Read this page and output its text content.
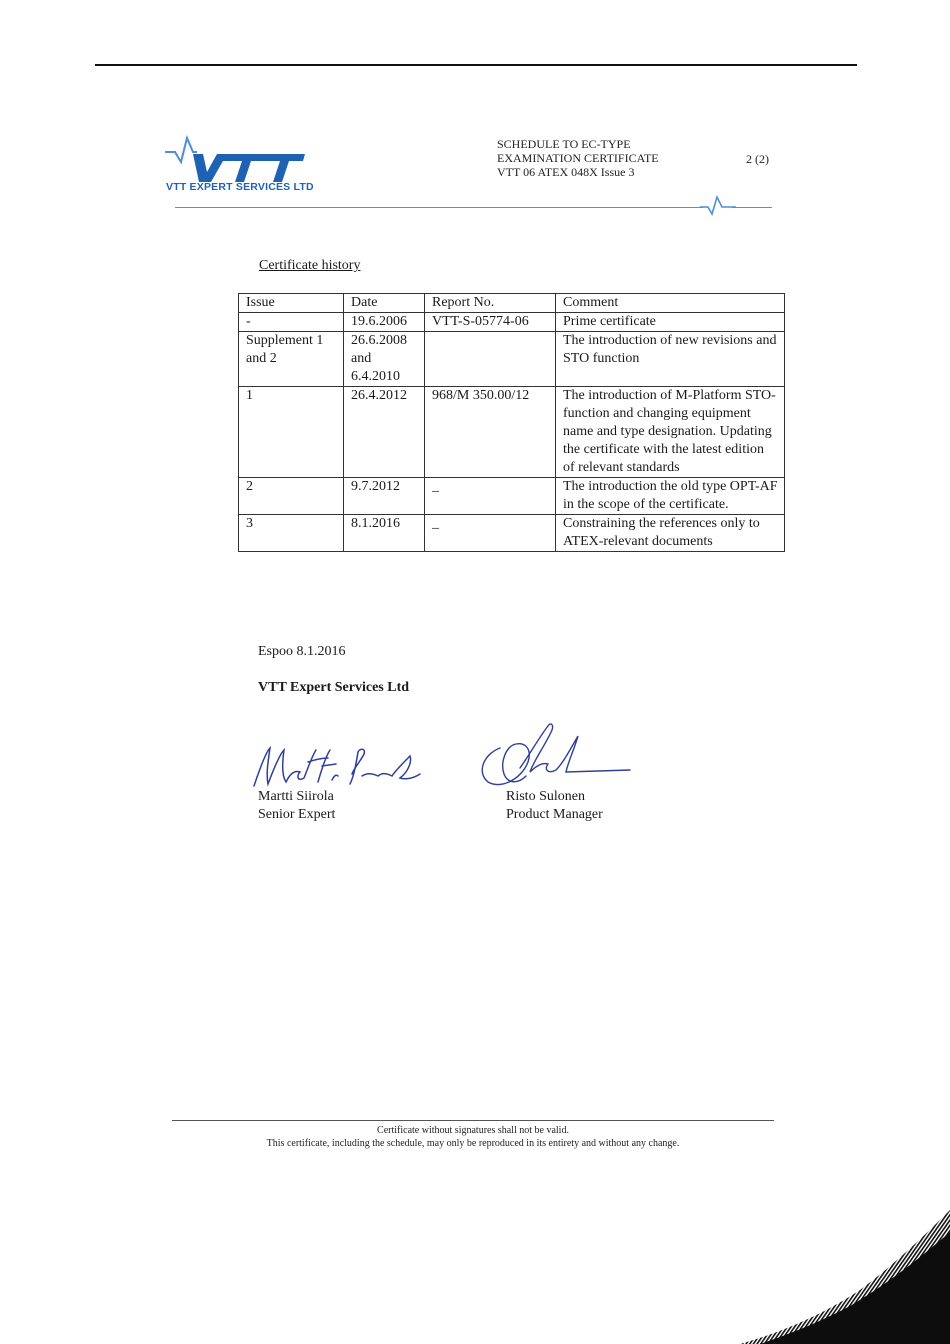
VTT EXPERT SERVICES LTD
SCHEDULE TO EC-TYPE
EXAMINATION CERTIFICATE
VTT 06 ATEX 048X Issue 3
2 (2)
Certificate history
Issue	Date	Report No.	Comment
-	19.6.2006	VTT-S-05774-06	Prime certificate
Supplement 1 and 2	26.6.2008 and 6.4.2010		The introduction of new revisions and STO function
1	26.4.2012	968/M 350.00/12	The introduction of M-Platform STO-function and changing equipment name and type designation. Updating the certificate with the latest edition of relevant standards
2	9.7.2012	_	The introduction the old type OPT-AF in the scope of the certificate.
3	8.1.2016	_	Constraining the references only to ATEX-relevant documents
Espoo 8.1.2016
VTT Expert Services Ltd
Martti Siirola
Senior Expert
Risto Sulonen
Product Manager
Certificate without signatures shall not be valid.
This certificate, including the schedule, may only be reproduced in its entirety and without any change.
